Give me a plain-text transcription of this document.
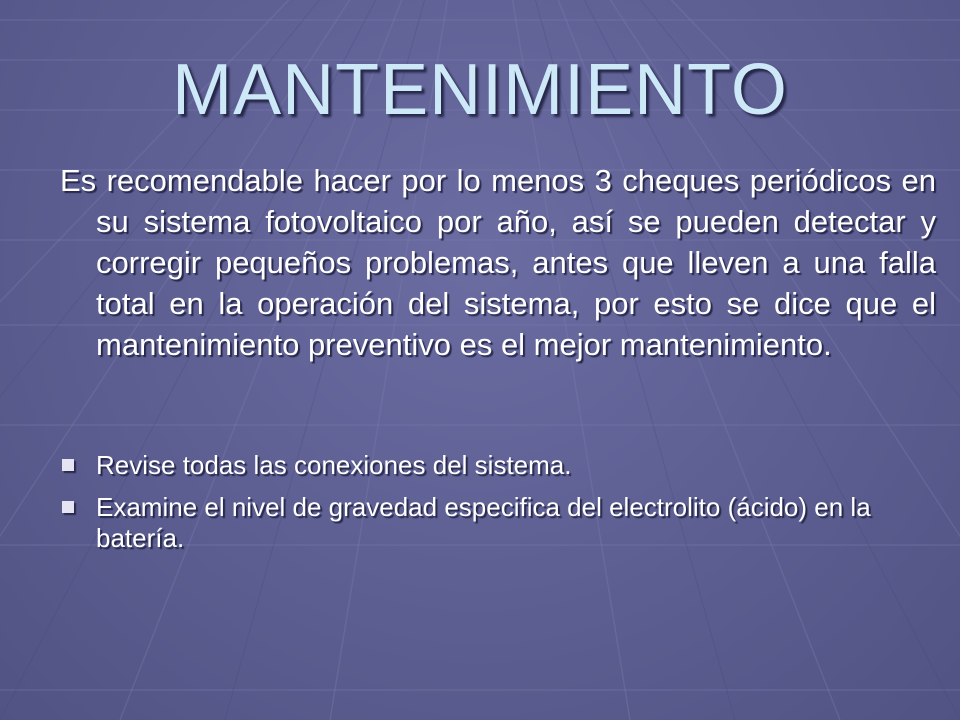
MANTENIMIENTO

Es recomendable hacer por lo menos 3 cheques periódicos en su sistema fotovoltaico por año, así se pueden detectar y corregir pequeños problemas, antes que lleven a una falla total en la operación del sistema, por esto se dice que el mantenimiento preventivo es el mejor mantenimiento.

Revise todas las conexiones del sistema.
Examine el nivel de gravedad especifica del electrolito (ácido) en la batería.
